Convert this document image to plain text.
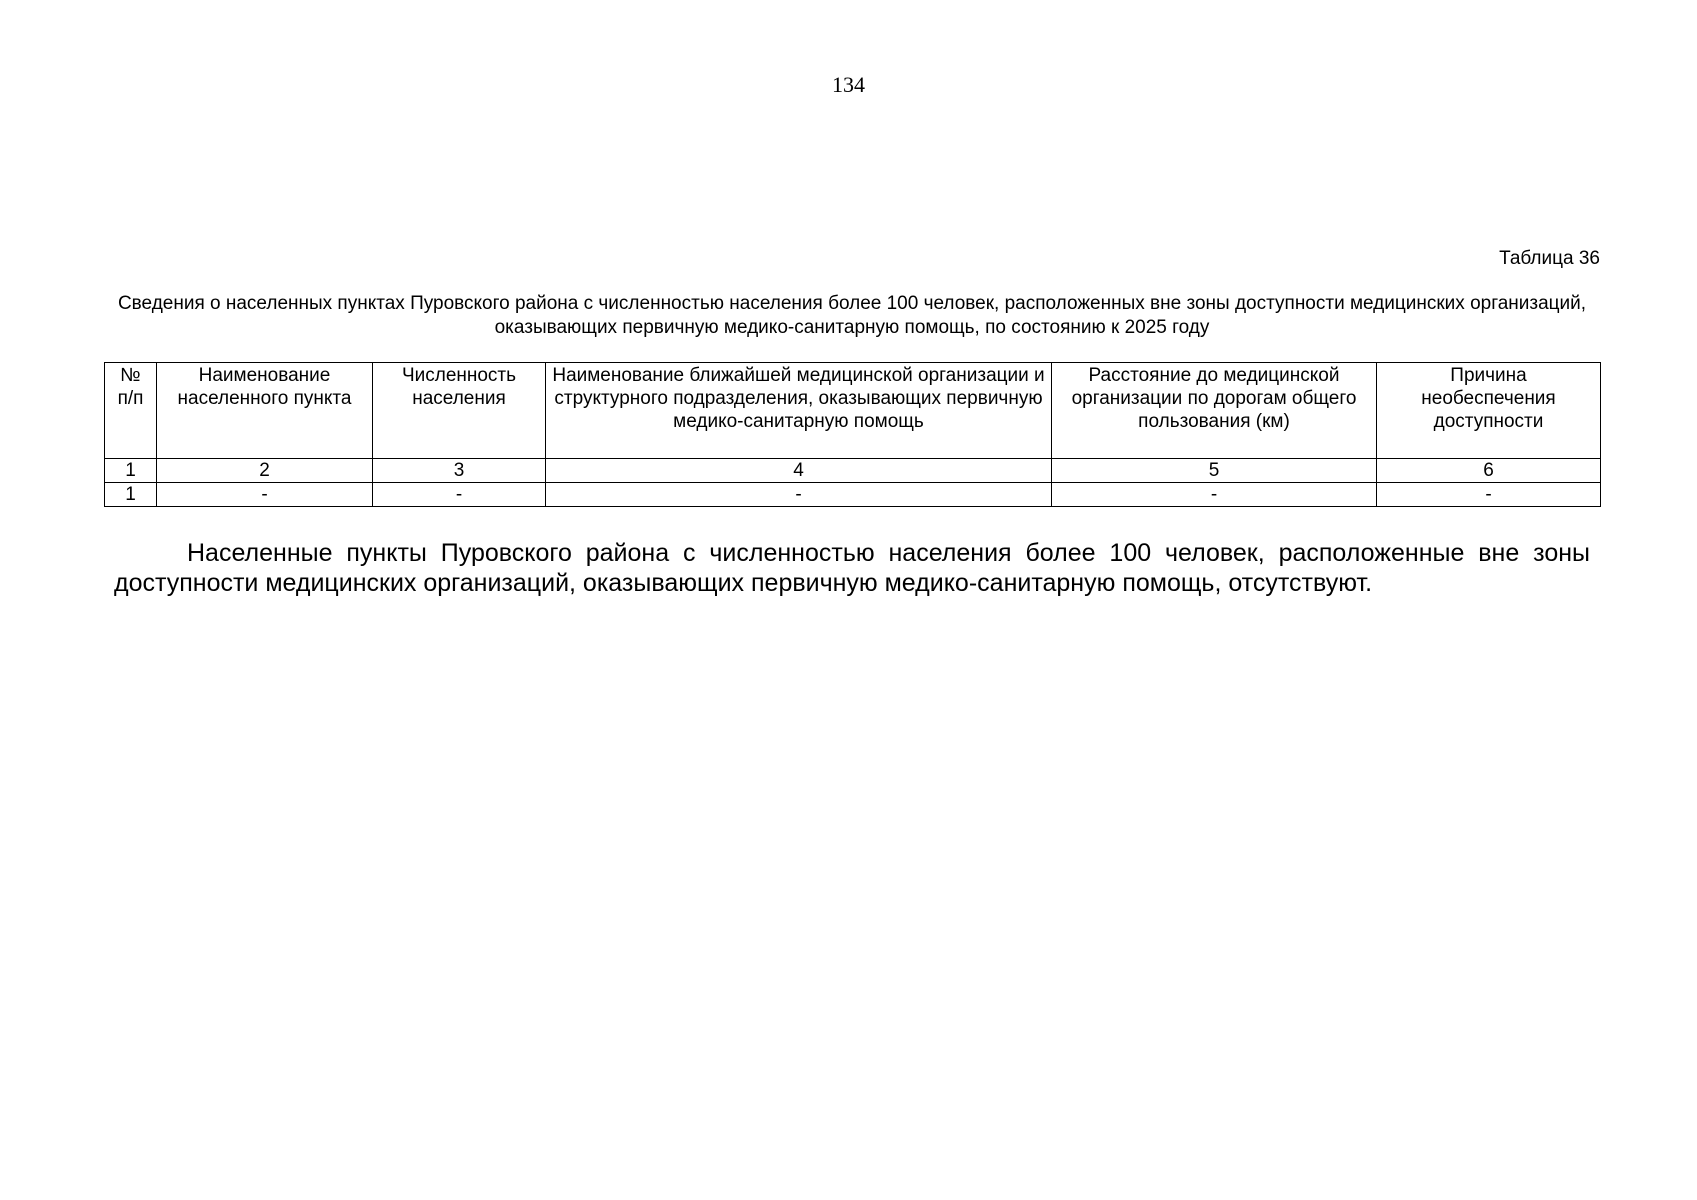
134
Таблица 36
Сведения о населенных пунктах Пуровского района с численностью населения более 100 человек, расположенных вне зоны доступности медицинских организаций, оказывающих первичную медико-санитарную помощь, по состоянию к 2025 году
№ п/п	Наименование населенного пункта	Численность населения	Наименование ближайшей медицинской организации и структурного подразделения, оказывающих первичную медико-санитарную помощь	Расстояние до медицинской организации по дорогам общего пользования (км)	Причина необеспечения доступности
1	2	3	4	5	6
1	-	-	-	-	-

Населенные пункты Пуровского района с численностью населения более 100 человек, расположенные вне зоны доступности медицинских организаций, оказывающих первичную медико-санитарную помощь, отсутствуют.
